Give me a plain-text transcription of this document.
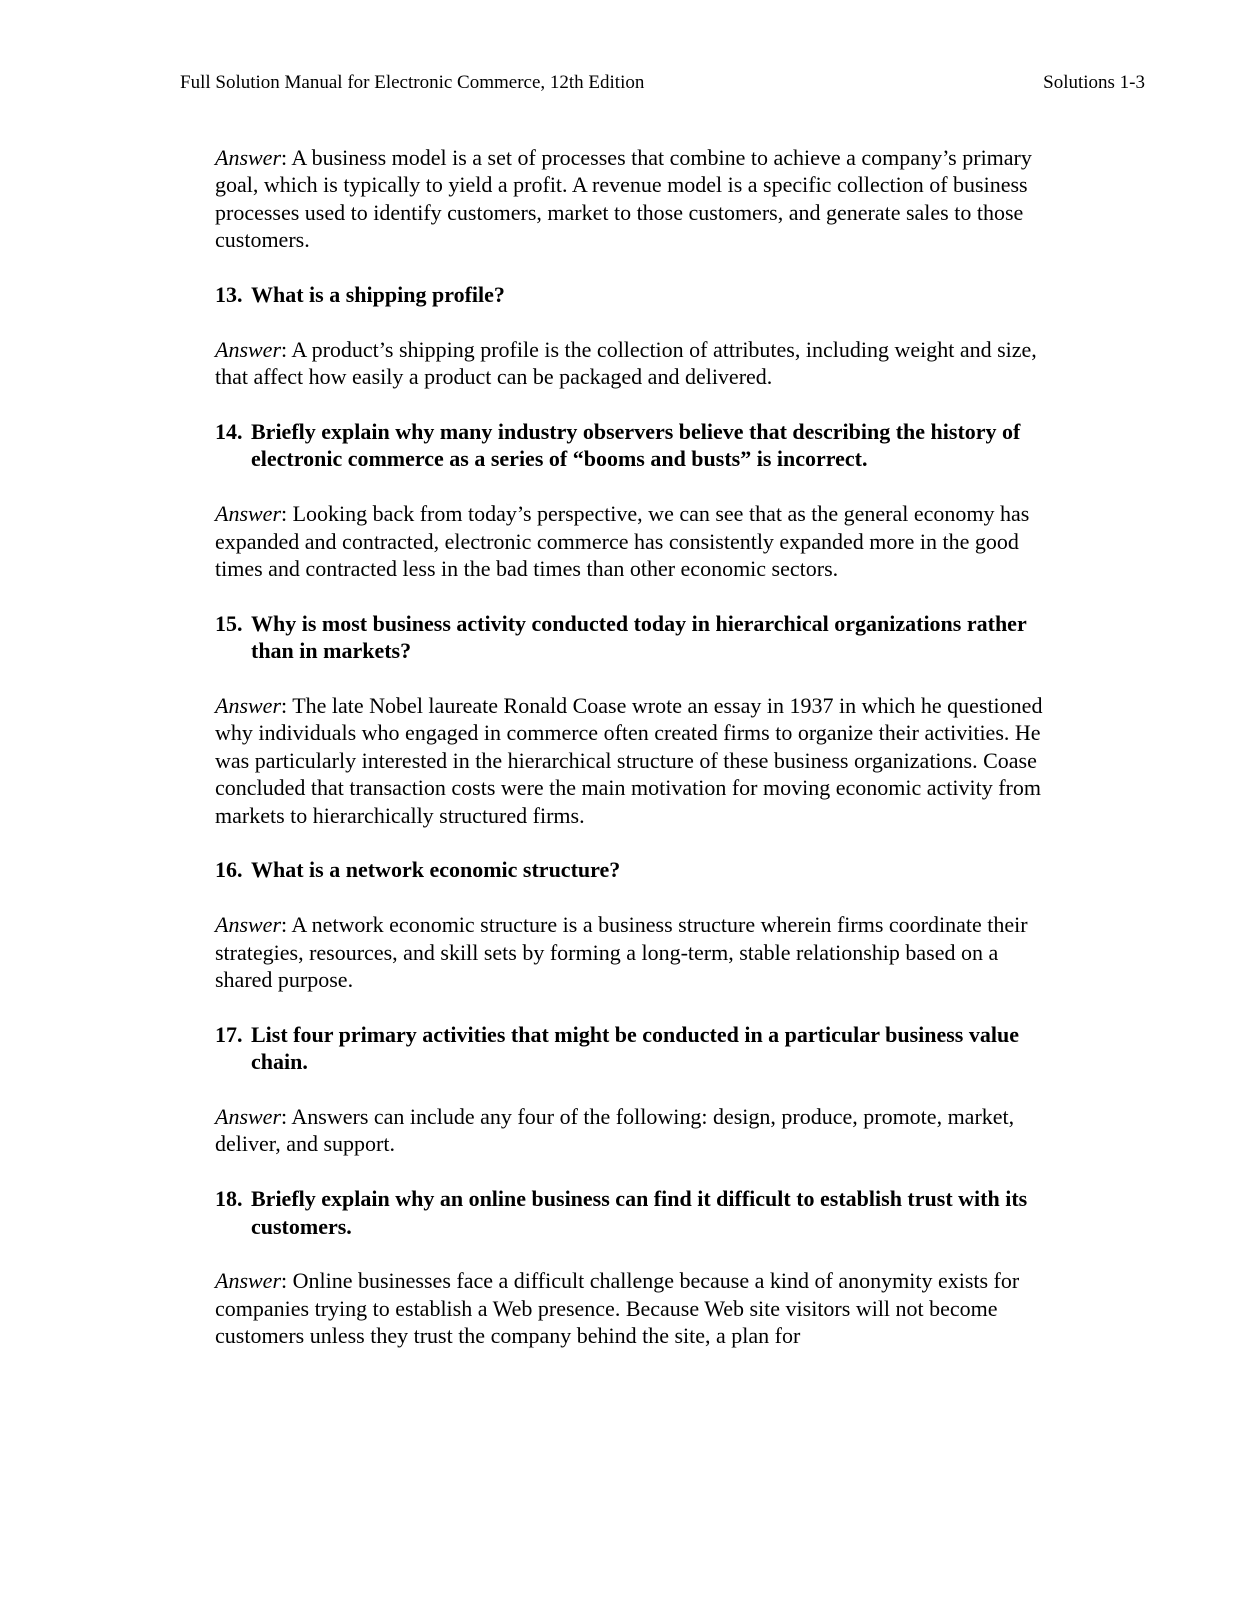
Full Solution Manual for Electronic Commerce, 12th Edition	Solutions 1-3

Answer: A business model is a set of processes that combine to achieve a company’s primary goal, which is typically to yield a profit. A revenue model is a specific collection of business processes used to identify customers, market to those customers, and generate sales to those customers.

13. What is a shipping profile?

Answer: A product’s shipping profile is the collection of attributes, including weight and size, that affect how easily a product can be packaged and delivered.

14. Briefly explain why many industry observers believe that describing the history of electronic commerce as a series of “booms and busts” is incorrect.

Answer: Looking back from today’s perspective, we can see that as the general economy has expanded and contracted, electronic commerce has consistently expanded more in the good times and contracted less in the bad times than other economic sectors.

15. Why is most business activity conducted today in hierarchical organizations rather than in markets?

Answer: The late Nobel laureate Ronald Coase wrote an essay in 1937 in which he questioned why individuals who engaged in commerce often created firms to organize their activities. He was particularly interested in the hierarchical structure of these business organizations. Coase concluded that transaction costs were the main motivation for moving economic activity from markets to hierarchically structured firms.

16. What is a network economic structure?

Answer: A network economic structure is a business structure wherein firms coordinate their strategies, resources, and skill sets by forming a long-term, stable relationship based on a shared purpose.

17. List four primary activities that might be conducted in a particular business value chain.

Answer: Answers can include any four of the following: design, produce, promote, market, deliver, and support.

18. Briefly explain why an online business can find it difficult to establish trust with its customers.

Answer: Online businesses face a difficult challenge because a kind of anonymity exists for companies trying to establish a Web presence. Because Web site visitors will not become customers unless they trust the company behind the site, a plan for
